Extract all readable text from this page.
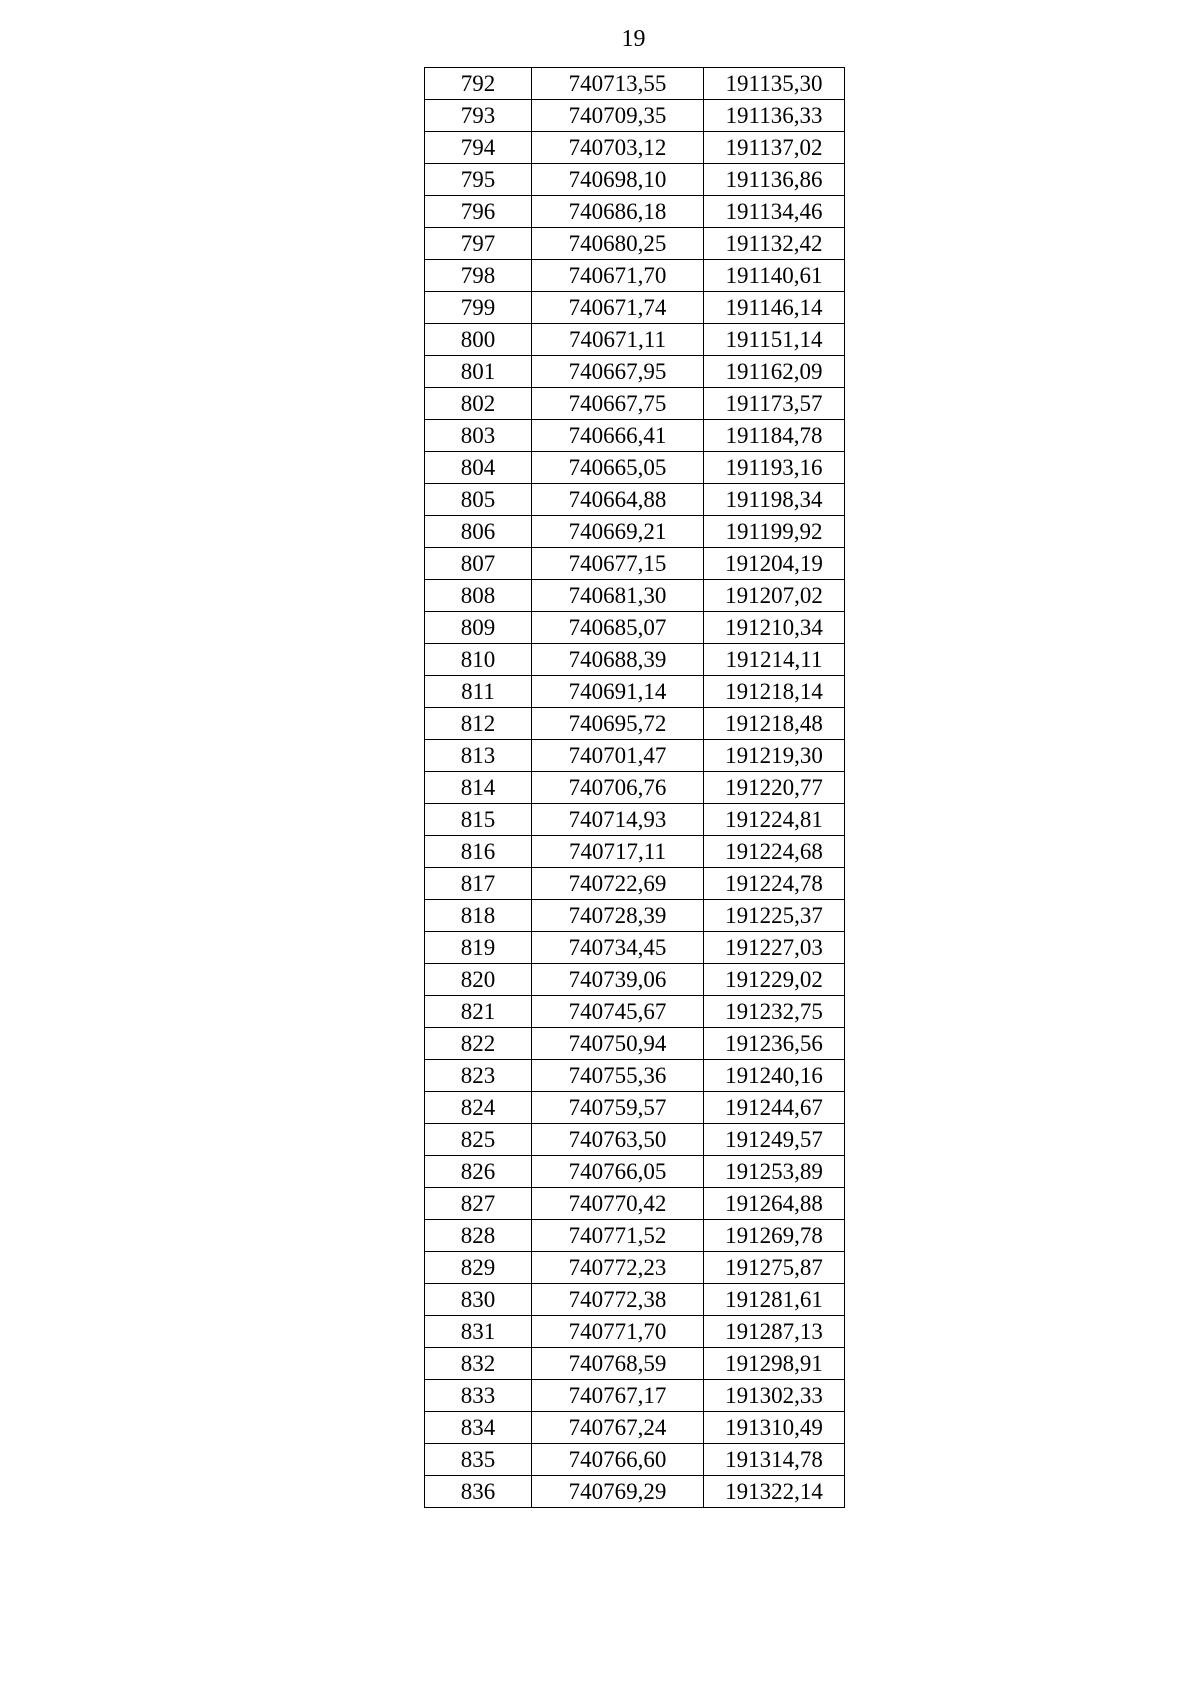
19
792	740713,55	191135,30
793	740709,35	191136,33
794	740703,12	191137,02
795	740698,10	191136,86
796	740686,18	191134,46
797	740680,25	191132,42
798	740671,70	191140,61
799	740671,74	191146,14
800	740671,11	191151,14
801	740667,95	191162,09
802	740667,75	191173,57
803	740666,41	191184,78
804	740665,05	191193,16
805	740664,88	191198,34
806	740669,21	191199,92
807	740677,15	191204,19
808	740681,30	191207,02
809	740685,07	191210,34
810	740688,39	191214,11
811	740691,14	191218,14
812	740695,72	191218,48
813	740701,47	191219,30
814	740706,76	191220,77
815	740714,93	191224,81
816	740717,11	191224,68
817	740722,69	191224,78
818	740728,39	191225,37
819	740734,45	191227,03
820	740739,06	191229,02
821	740745,67	191232,75
822	740750,94	191236,56
823	740755,36	191240,16
824	740759,57	191244,67
825	740763,50	191249,57
826	740766,05	191253,89
827	740770,42	191264,88
828	740771,52	191269,78
829	740772,23	191275,87
830	740772,38	191281,61
831	740771,70	191287,13
832	740768,59	191298,91
833	740767,17	191302,33
834	740767,24	191310,49
835	740766,60	191314,78
836	740769,29	191322,14
